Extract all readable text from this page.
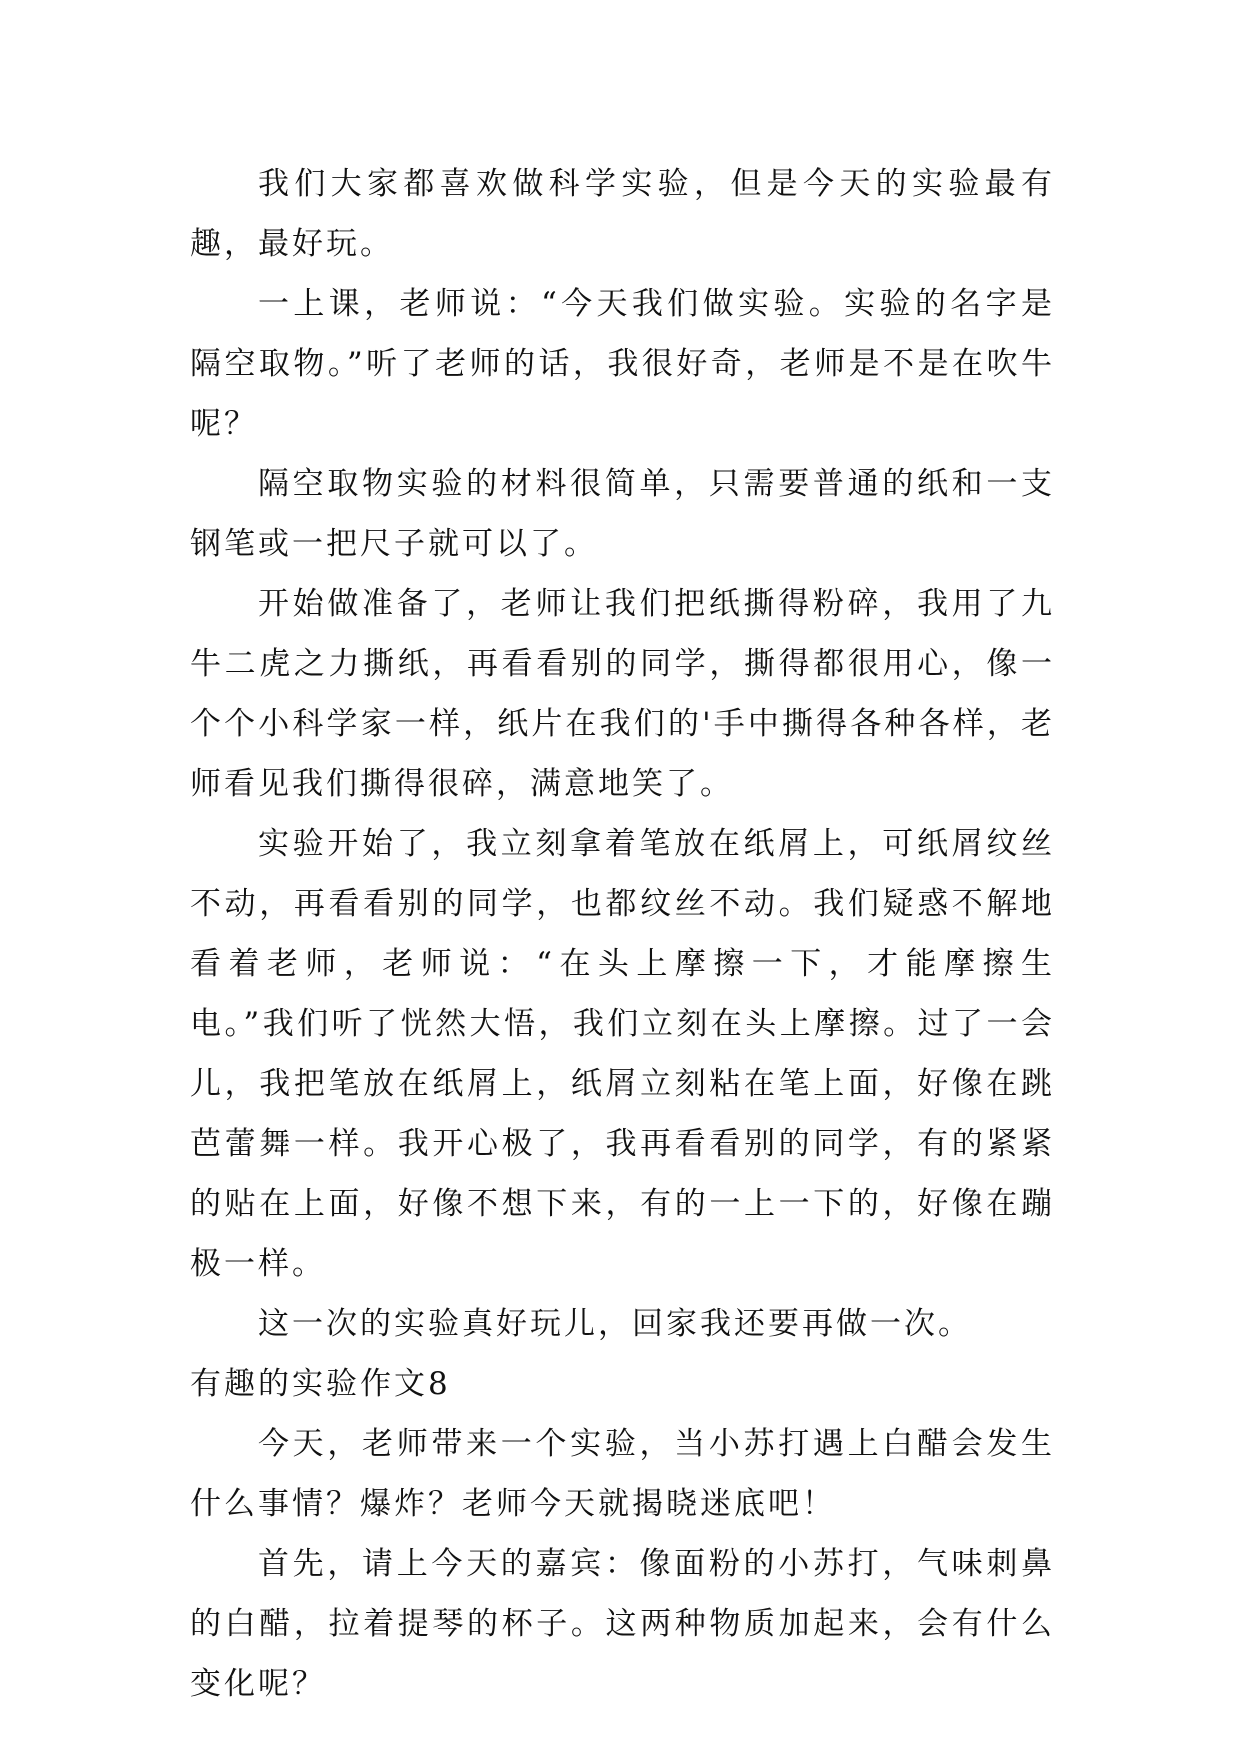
我们大家都喜欢做科学实验，但是今天的实验最有趣，最好玩。

一上课，老师说：“今天我们做实验。实验的名字是隔空取物。”听了老师的话，我很好奇，老师是不是在吹牛呢？

隔空取物实验的材料很简单，只需要普通的纸和一支钢笔或一把尺子就可以了。

开始做准备了，老师让我们把纸撕得粉碎，我用了九牛二虎之力撕纸，再看看别的同学，撕得都很用心，像一个个小科学家一样，纸片在我们的'手中撕得各种各样，老师看见我们撕得很碎，满意地笑了。

实验开始了，我立刻拿着笔放在纸屑上，可纸屑纹丝不动，再看看别的同学，也都纹丝不动。我们疑惑不解地看着老师，老师说：“在头上摩擦一下，才能摩擦生电。”我们听了恍然大悟，我们立刻在头上摩擦。过了一会儿，我把笔放在纸屑上，纸屑立刻粘在笔上面，好像在跳芭蕾舞一样。我开心极了，我再看看别的同学，有的紧紧的贴在上面，好像不想下来，有的一上一下的，好像在蹦极一样。

这一次的实验真好玩儿，回家我还要再做一次。

有趣的实验作文8

今天，老师带来一个实验，当小苏打遇上白醋会发生什么事情？爆炸？老师今天就揭晓迷底吧！

首先，请上今天的嘉宾：像面粉的小苏打，气味刺鼻的白醋，拉着提琴的杯子。这两种物质加起来，会有什么变化呢？
